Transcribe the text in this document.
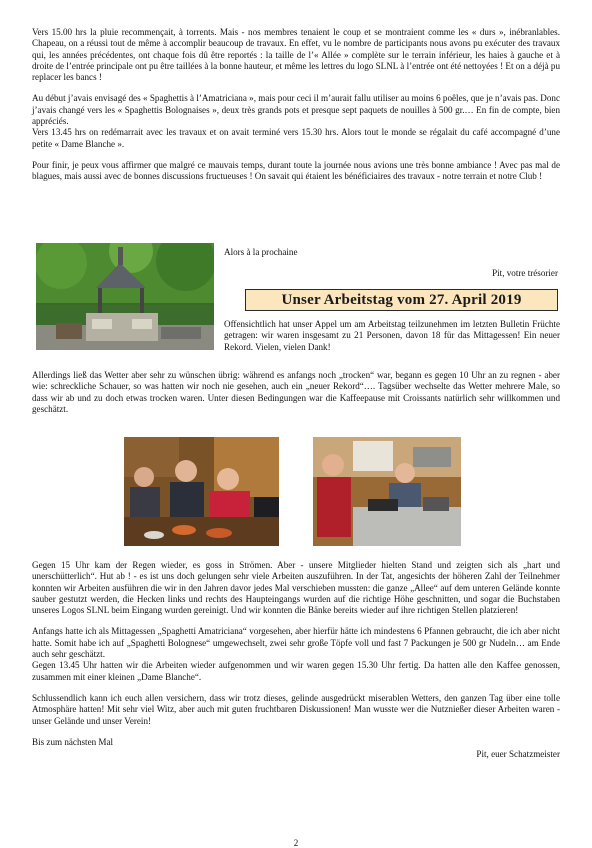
Vers 15.00 hrs la pluie recommençait, à torrents. Mais - nos membres tenaient le coup et se montraient comme les « durs », inébranlables. Chapeau, on a réussi tout de même à accomplir beaucoup de travaux. En effet, vu le nombre de participants nous avons pu exécuter des travaux qui, les années précédentes, ont chaque fois dû être reportés : la taille de l’« Allée » complète sur le terrain inférieur, les haies à gauche et à droite de l’entrée principale ont pu être taillées à la bonne hauteur, et même les lettres du logo SLNL à l’entrée ont été nettoyées ! Et on a déjà pu replacer les bancs !

Au début j’avais envisagé des « Spaghettis à l’Amatriciana », mais pour ceci il m’aurait fallu utiliser au moins 6 poêles, que je n’avais pas. Donc j’avais changé vers les « Spaghettis Bolognaises », deux très grands pots et presque sept paquets de nouilles à 500 gr.… En fin de compte, bien appréciés.

Vers 13.45 hrs on redémarrait avec les travaux et on avait terminé vers 15.30 hrs. Alors tout le monde se régalait du café accompagné d’une petite « Dame Blanche ».

Pour finir, je peux vous affirmer que malgré ce mauvais temps, durant toute la journée nous avions une très bonne ambiance ! Avec pas mal de blagues, mais aussi avec de bonnes discussions fructueuses ! On savait qui étaient les bénéficiaires des travaux - notre terrain et notre Club !

Alors à la prochaine

Pit, votre trésorier

Unser Arbeitstag vom 27. April 2019

Offensichtlich hat unser Appel um am Arbeitstag teilzunehmen im letzten Bulletin Früchte getragen: wir waren insgesamt zu 21 Personen, davon 18 für das Mittagessen! Ein neuer Rekord. Vielen, vielen Dank!

Allerdings ließ das Wetter aber sehr zu wünschen übrig: während es anfangs noch „trocken“ war, begann es gegen 10 Uhr an zu regnen - aber wie: schreckliche Schauer, so was hatten wir noch nie gesehen, auch ein „neuer Rekord“…. Tagsüber wechselte das Wetter mehrere Male, so dass wir ab und zu doch etwas trocken waren. Unter diesen Bedingungen war die Kaffeepause mit Croissants natürlich sehr willkommen und geschätzt.

Gegen 15 Uhr kam der Regen wieder, es goss in Strömen. Aber - unsere Mitglieder hielten Stand und zeigten sich als „hart und unerschütterlich“. Hut ab ! - es ist uns doch gelungen sehr viele Arbeiten auszuführen. In der Tat, angesichts der höheren Zahl der Teilnehmer konnten wir Arbeiten ausführen die wir in den Jahren davor jedes Mal verschieben mussten: die ganze „Allee“ auf dem unteren Gelände konnte sauber gestutzt werden, die Hecken links und rechts des Haupteingangs wurden auf die richtige Höhe geschnitten, und sogar die Buchstaben unseres Logos SLNL beim Eingang wurden gereinigt. Und wir konnten die Bänke bereits wieder auf ihre richtigen Stellen platzieren!

Anfangs hatte ich als Mittagessen „Spaghetti Amatriciana“ vorgesehen, aber hierfür hätte ich mindestens 6 Pfannen gebraucht, die ich aber nicht hatte. Somit habe ich auf „Spaghetti Bolognese“ umgewechselt, zwei sehr große Töpfe voll und fast 7 Packungen je 500 gr Nudeln… am Ende auch sehr geschätzt.

Gegen 13.45 Uhr hatten wir die Arbeiten wieder aufgenommen und wir waren gegen 15.30 Uhr fertig. Da hatten alle den Kaffee genossen, zusammen mit einer kleinen „Dame Blanche“.

Schlussendlich kann ich euch allen versichern, dass wir trotz dieses, gelinde ausgedrückt miserablen Wetters, den ganzen Tag über eine tolle Atmosphäre hatten! Mit sehr viel Witz, aber auch mit guten fruchtbaren Diskussionen! Man wusste wer die Nutznießer dieser Arbeiten waren - unser Gelände und unser Verein!

Bis zum nächsten Mal

Pit, euer Schatzmeister

2
